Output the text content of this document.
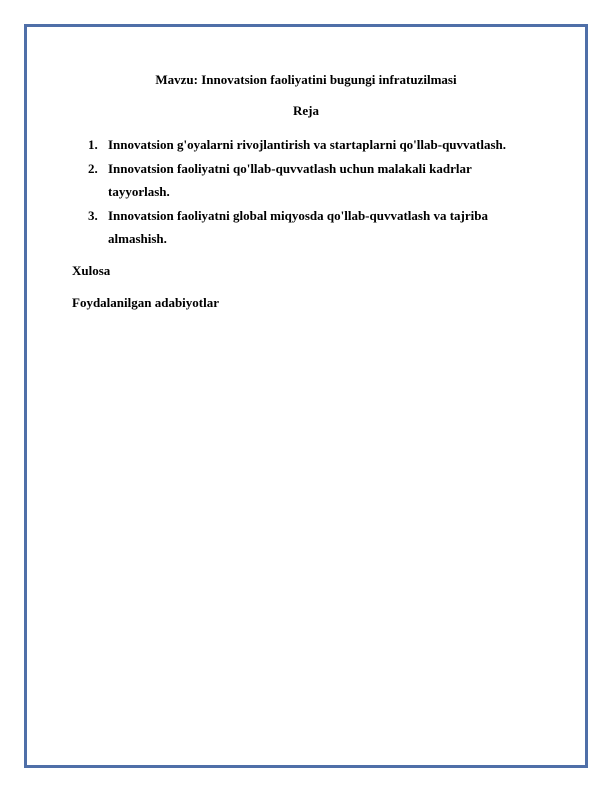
Mavzu: Innovatsion faoliyatini bugungi infratuzilmasi

Reja

1. Innovatsion g'oyalarni rivojlantirish va startaplarni qo'llab-quvvatlash.
2. Innovatsion faoliyatni qo'llab-quvvatlash uchun malakali kadrlar
tayyorlash.
3. Innovatsion faoliyatni global miqyosda qo'llab-quvvatlash va tajriba
almashish.

Xulosa

Foydalanilgan adabiyotlar
